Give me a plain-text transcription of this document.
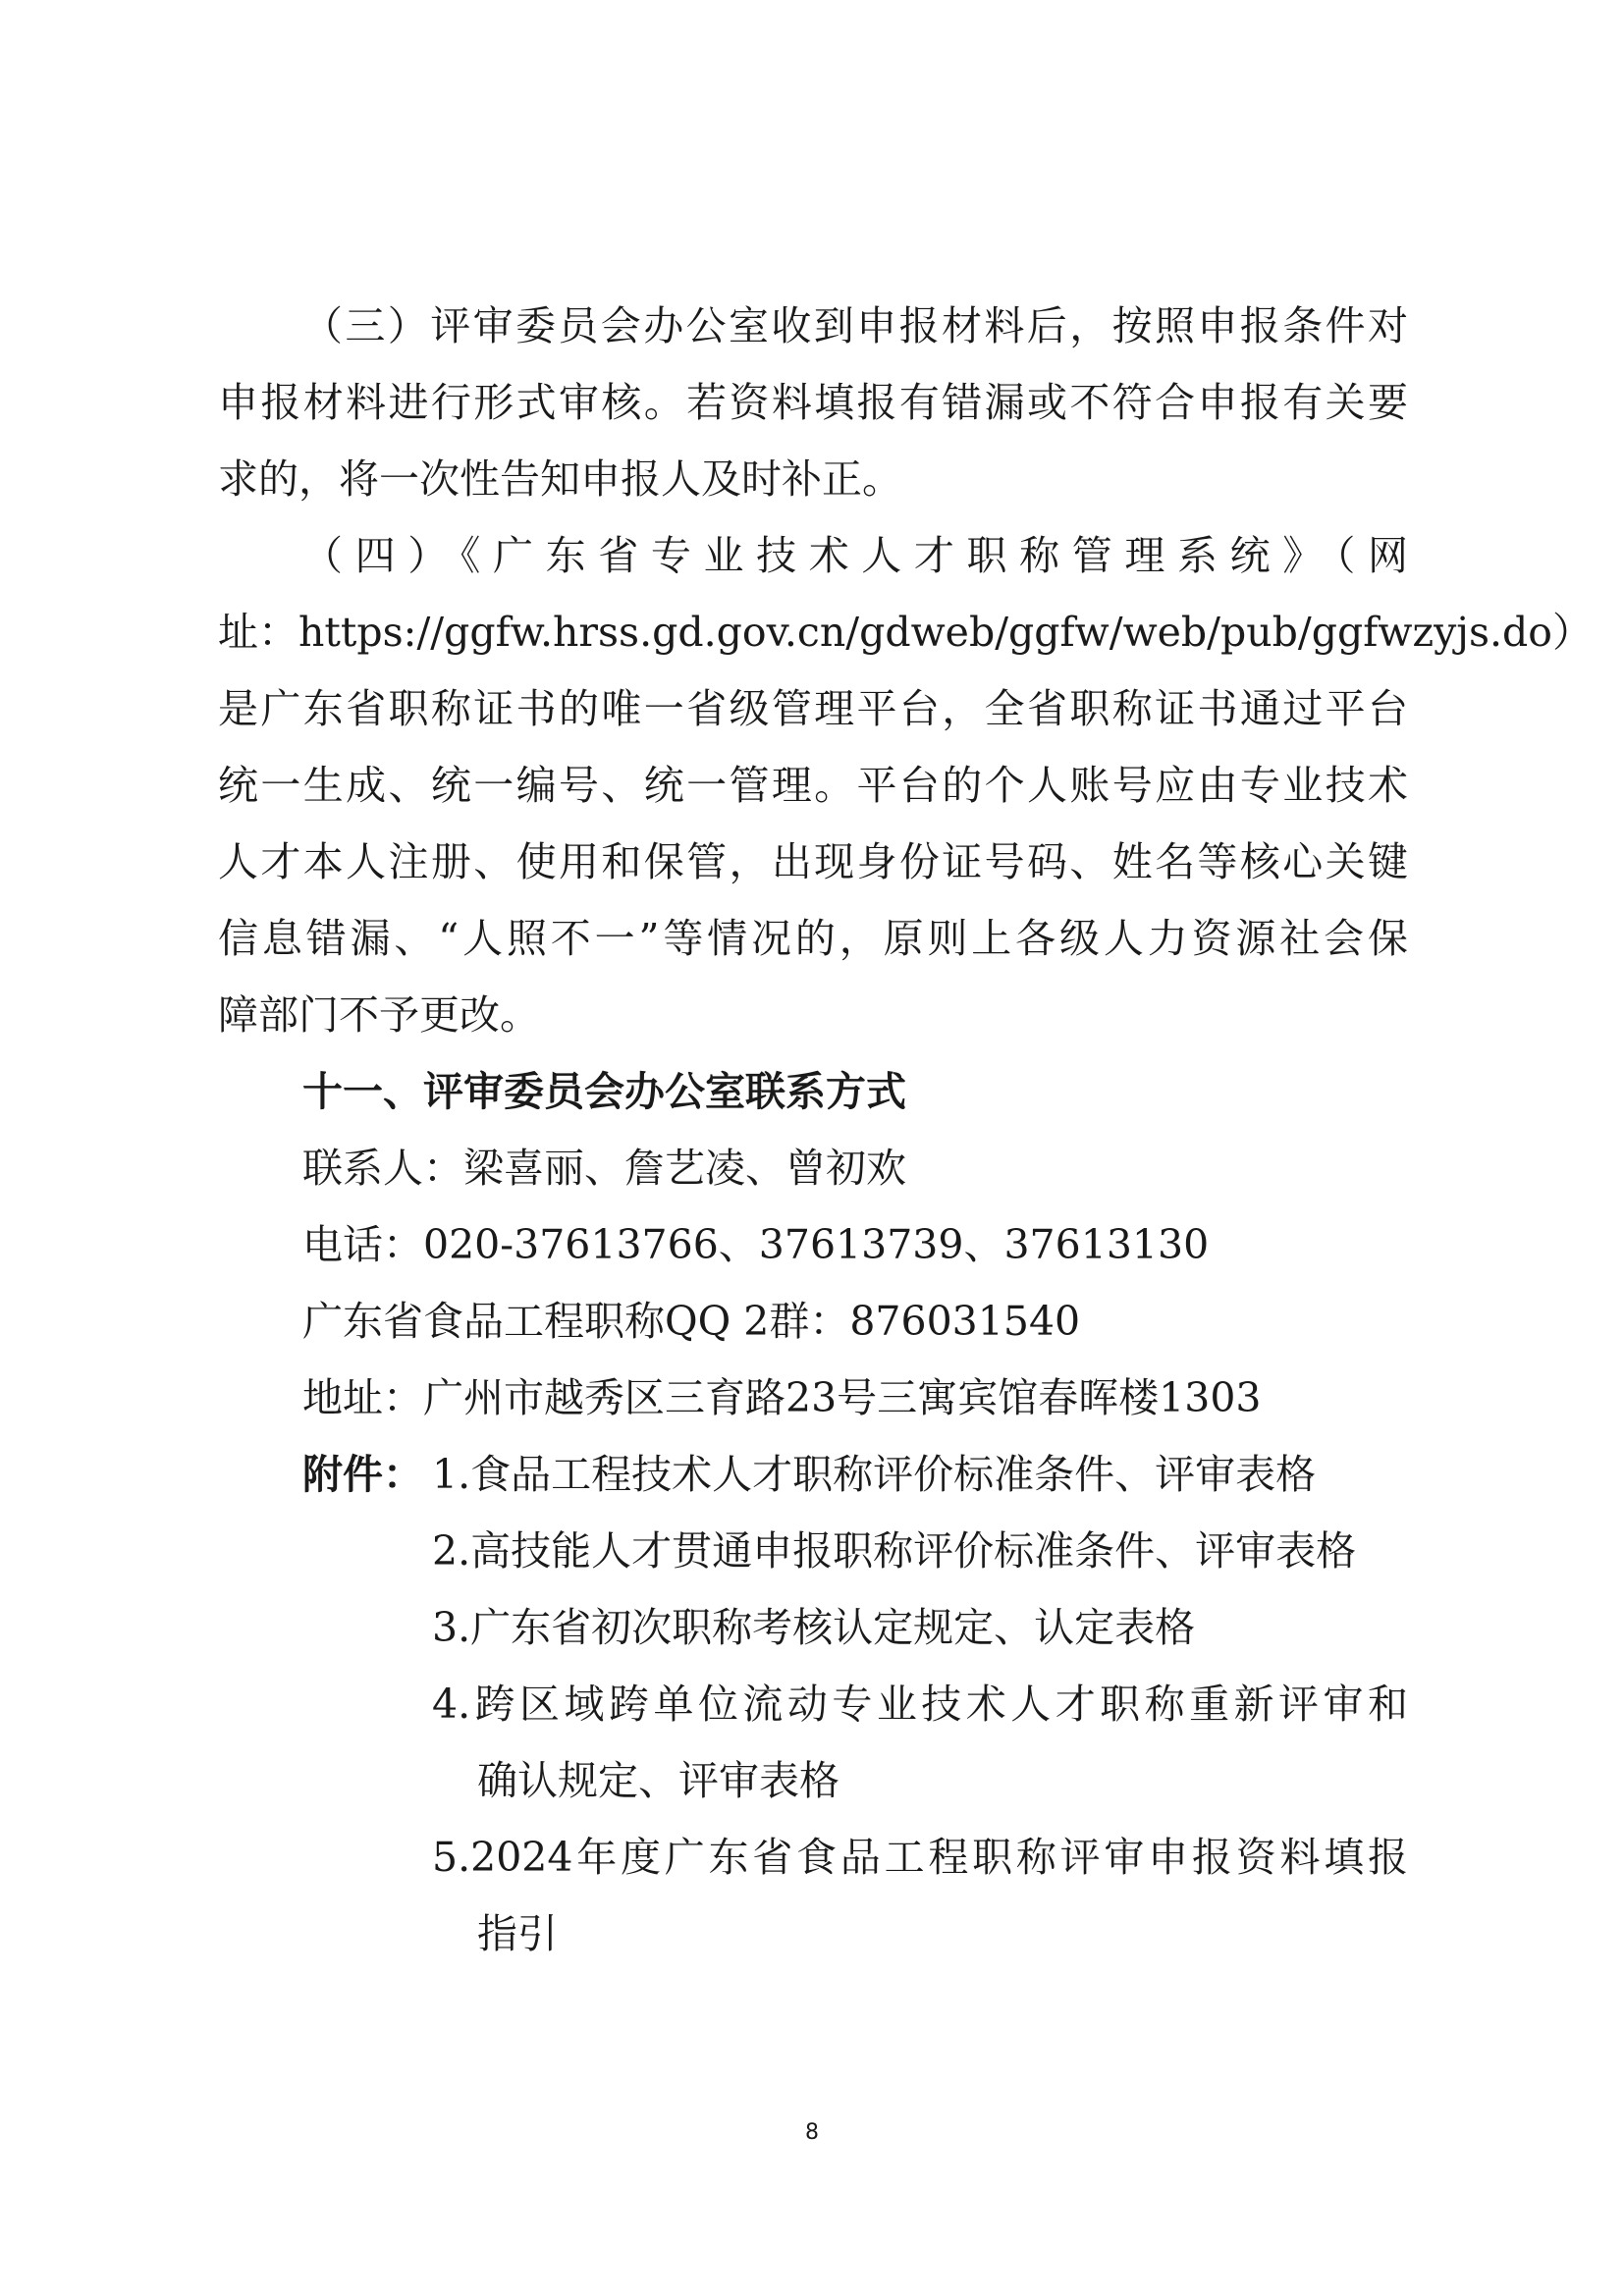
（三）评审委员会办公室收到申报材料后，按照申报条件对
申报材料进行形式审核。若资料填报有错漏或不符合申报有关要
求的，将一次性告知申报人及时补正。
（四）《广东省专业技术人才职称管理系统》（网
址：https://ggfw.hrss.gd.gov.cn/gdweb/ggfw/web/pub/ggfwzyjs.do）
是广东省职称证书的唯一省级管理平台，全省职称证书通过平台
统一生成、统一编号、统一管理。平台的个人账号应由专业技术
人才本人注册、使用和保管，出现身份证号码、姓名等核心关键
信息错漏、“人照不一”等情况的，原则上各级人力资源社会保
障部门不予更改。
十一、评审委员会办公室联系方式
联系人：梁喜丽、詹艺凌、曾初欢
电话：020-37613766、37613739、37613130
广东省食品工程职称QQ 2群：876031540
地址：广州市越秀区三育路23号三寓宾馆春晖楼1303
附件： 1.食品工程技术人才职称评价标准条件、评审表格
2.高技能人才贯通申报职称评价标准条件、评审表格
3.广东省初次职称考核认定规定、认定表格
4.跨区域跨单位流动专业技术人才职称重新评审和
确认规定、评审表格
5.2024年度广东省食品工程职称评审申报资料填报
指引
8
